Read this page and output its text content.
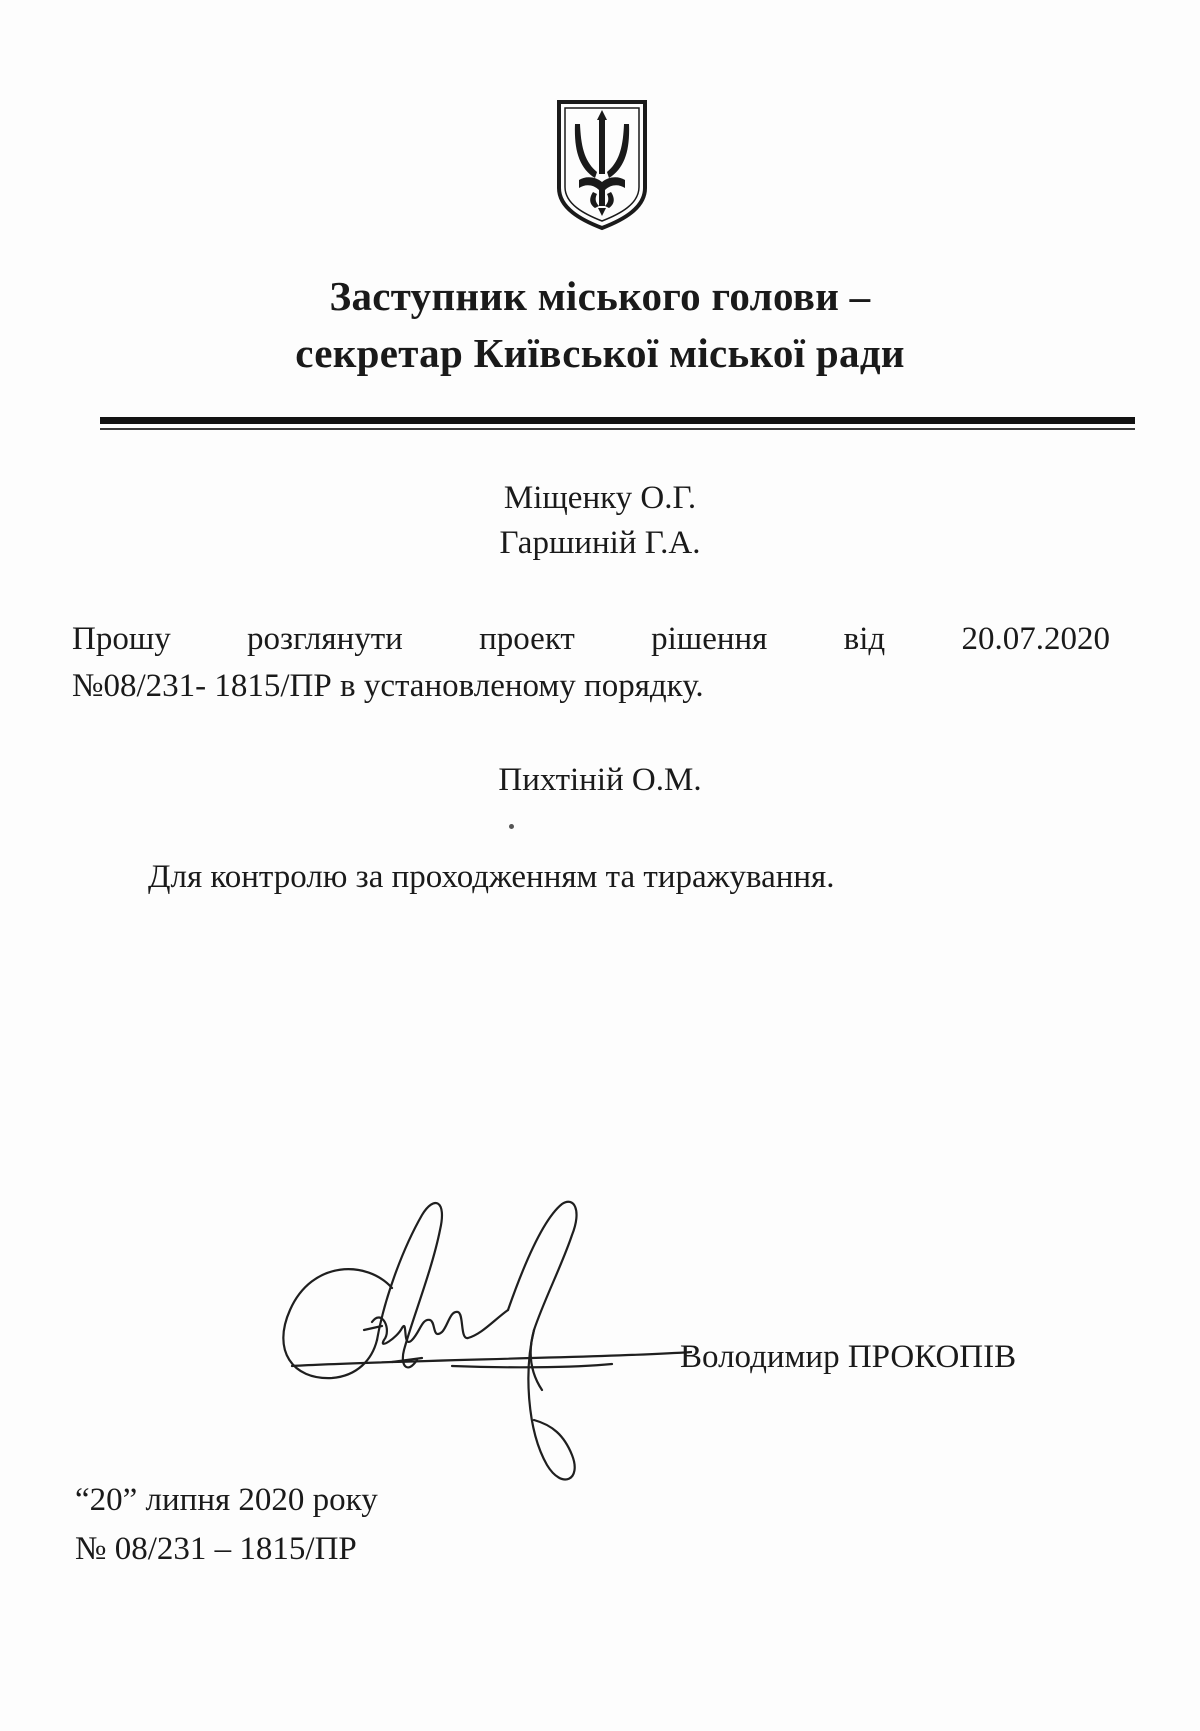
Заступник міського голови –
секретар Київської міської ради
Міщенку О.Г.
Гаршиній Г.А.
Прошу розглянути проект рішення від 20.07.2020
№08/231- 1815/ПР в установленому порядку.
Пихтіній О.М.
Для контролю за проходженням та тиражування.
Володимир ПРОКОПІВ
“20” липня 2020 року
№ 08/231 – 1815/ПР
